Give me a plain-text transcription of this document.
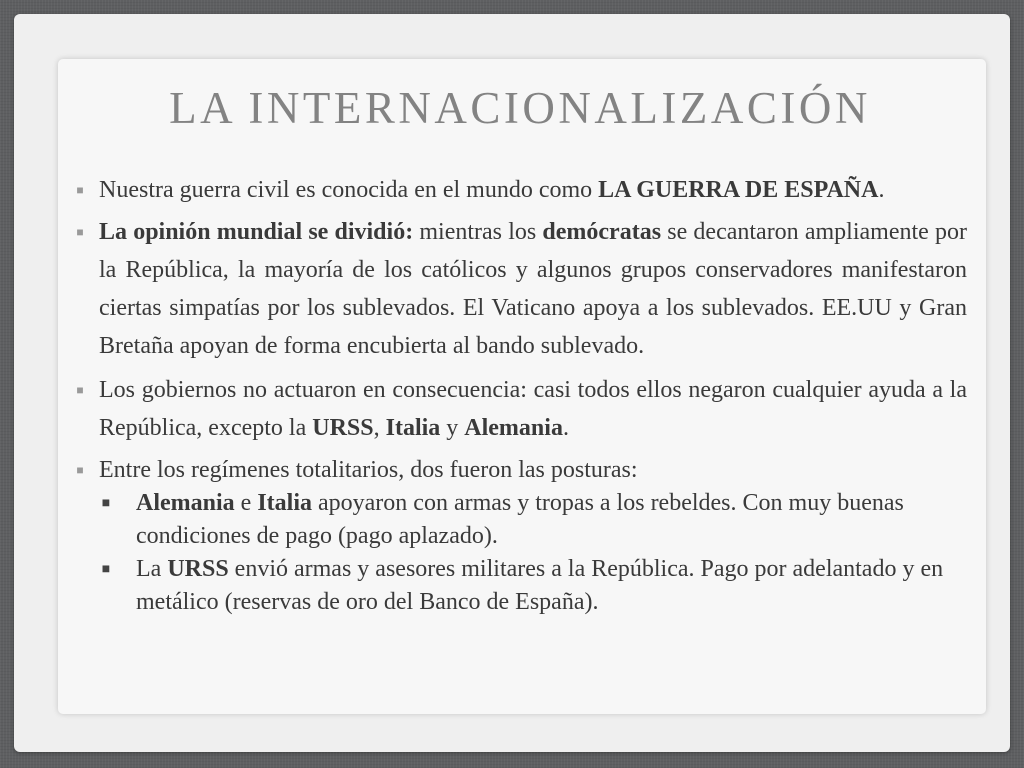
LA INTERNACIONALIZACIÓN
■ Nuestra guerra civil es conocida en el mundo como LA GUERRA DE ESPAÑA.
■ La opinión mundial se dividió: mientras los demócratas se decantaron ampliamente por la República, la mayoría de los católicos y algunos grupos conservadores manifestaron ciertas simpatías por los sublevados. El Vaticano apoya a los sublevados. EE.UU y Gran Bretaña apoyan de forma encubierta al bando sublevado.
■ Los gobiernos no actuaron en consecuencia: casi todos ellos negaron cualquier ayuda a la República, excepto la URSS, Italia y Alemania.
■ Entre los regímenes totalitarios, dos fueron las posturas:
■ Alemania e Italia apoyaron con armas y tropas a los rebeldes. Con muy buenas condiciones de pago (pago aplazado).
■ La URSS envió armas y asesores militares a la República. Pago por adelantado y en metálico (reservas de oro del Banco de España).
